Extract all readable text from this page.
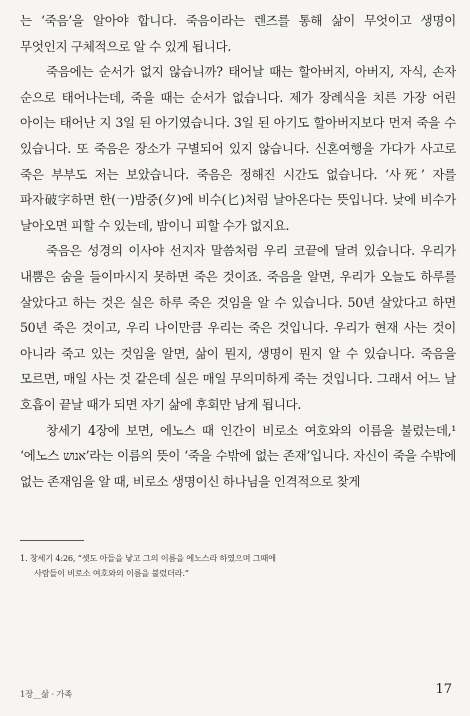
는 ‘죽음’을 알아야 합니다. 죽음이라는 렌즈를 통해 삶이 무엇이고 생명이 무엇인지 구체적으로 알 수 있게 됩니다.

죽음에는 순서가 없지 않습니까? 태어날 때는 할아버지, 아버지, 자식, 손자 순으로 태어나는데, 죽을 때는 순서가 없습니다. 제가 장례식을 치른 가장 어린 아이는 태어난 지 3일 된 아기였습니다. 3일 된 아기도 할아버지보다 먼저 죽을 수 있습니다. 또 죽음은 장소가 구별되어 있지 않습니다. 신혼여행을 가다가 사고로 죽은 부부도 저는 보았습니다. 죽음은 정해진 시간도 없습니다. ‘사死’ 자를 파자破字하면 한(一)밤중(夕)에 비수(匕)처럼 날아온다는 뜻입니다. 낮에 비수가 날아오면 피할 수 있는데, 밤이니 피할 수가 없지요.

죽음은 성경의 이사야 선지자 말씀처럼 우리 코끝에 달려 있습니다. 우리가 내뿜은 숨을 들이마시지 못하면 죽은 것이죠. 죽음을 알면, 우리가 오늘도 하루를 살았다고 하는 것은 실은 하루 죽은 것임을 알 수 있습니다. 50년 살았다고 하면 50년 죽은 것이고, 우리 나이만큼 우리는 죽은 것입니다. 우리가 현재 사는 것이 아니라 죽고 있는 것임을 알면, 삶이 뭔지, 생명이 뭔지 알 수 있습니다. 죽음을 모르면, 매일 사는 것 같은데 실은 매일 무의미하게 죽는 것입니다. 그래서 어느 날 호흡이 끝날 때가 되면 자기 삶에 후회만 남게 됩니다.

창세기 4장에 보면, 에노스 때 인간이 비로소 여호와의 이름을 불렀는데,¹ ‘에노스 אנוש’라는 이름의 뜻이 ‘죽을 수밖에 없는 존재’입니다. 자신이 죽을 수밖에 없는 존재임을 알 때, 비로소 생명이신 하나님을 인격적으로 찾게

1. 창세기 4:26, “셋도 아들을 낳고 그의 이름을 에노스라 하였으며 그때에
사람들이 비로소 여호와의 이름을 불렀더라.”
1장__삶 · 가족	17
